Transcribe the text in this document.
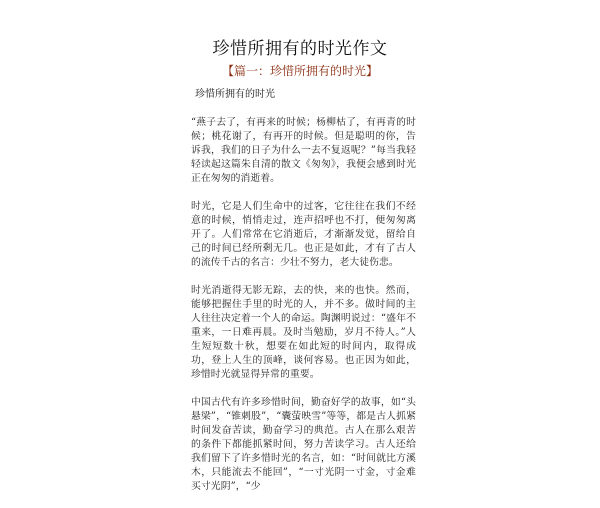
珍惜所拥有的时光作文
【篇一：珍惜所拥有的时光】
珍惜所拥有的时光

“燕子去了，有再来的时候；杨柳枯了，有再青的时候；桃花谢了，有再开的时候。但是聪明的你，告诉我，我们的日子为什么一去不复返呢？”每当我轻轻读起这篇朱自清的散文《匆匆》，我便会感到时光正在匆匆的消逝着。

时光，它是人们生命中的过客，它往往在我们不经意的时候，悄悄走过，连声招呼也不打，便匆匆离开了。人们常常在它消逝后，才渐渐发觉，留给自己的时间已经所剩无几。也正是如此，才有了古人的流传千古的名言：少壮不努力，老大徒伤悲。

时光消逝得无影无踪，去的快，来的也快。然而，能够把握住手里的时光的人，并不多。做时间的主人往往决定着一个人的命运。陶渊明说过：“盛年不重来，一日难再晨。及时当勉励，岁月不待人。”人生短短数十秋，想要在如此短的时间内，取得成功，登上人生的顶峰，谈何容易。也正因为如此，珍惜时光就显得异常的重要。

中国古代有许多珍惜时间，勤奋好学的故事，如“头悬梁”，“锥刺股”，“囊萤映雪”等等，都是古人抓紧时间发奋苦读，勤奋学习的典范。古人在那么艰苦的条件下都能抓紧时间，努力苦读学习。古人还给我们留下了许多惜时光的名言，如：“时间就比方溪木，只能流去不能回”，“一寸光阴一寸金，寸金难买寸光阴”，“少
